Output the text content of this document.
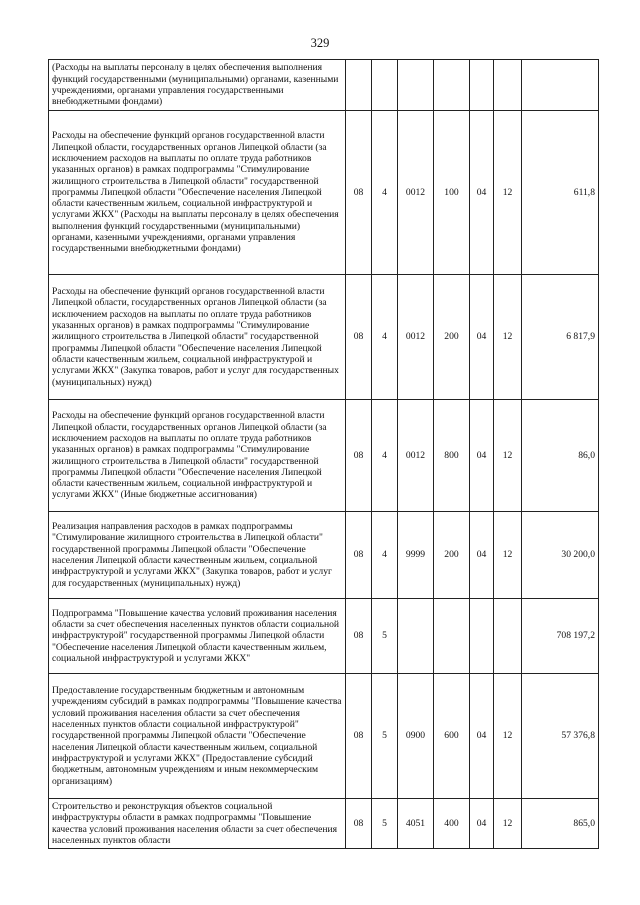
329
(Расходы на выплаты персоналу в целях обеспечения выполнения функций государственными (муниципальными) органами, казенными учреждениями, органами управления государственными внебюджетными фондами)							
Расходы на обеспечение функций органов государственной власти Липецкой области, государственных органов Липецкой области (за исключением расходов на выплаты по оплате труда работников указанных органов) в рамках подпрограммы "Стимулирование жилищного строительства в Липецкой области" государственной программы Липецкой области "Обеспечение населения Липецкой области качественным жильем, социальной инфраструктурой и услугами ЖКХ" (Расходы на выплаты персоналу в целях обеспечения выполнения функций государственными (муниципальными) органами, казенными учреждениями, органами управления государственными внебюджетными фондами)	08	4	0012	100	04	12	611,8
Расходы на обеспечение функций органов государственной власти Липецкой области, государственных органов Липецкой области (за исключением расходов на выплаты по оплате труда работников указанных органов) в рамках подпрограммы "Стимулирование жилищного строительства в Липецкой области" государственной программы Липецкой области "Обеспечение населения Липецкой области качественным жильем, социальной инфраструктурой и услугами ЖКХ" (Закупка товаров, работ и услуг для государственных (муниципальных) нужд)	08	4	0012	200	04	12	6 817,9
Расходы на обеспечение функций органов государственной власти Липецкой области, государственных органов Липецкой области (за исключением расходов на выплаты по оплате труда работников указанных органов) в рамках подпрограммы "Стимулирование жилищного строительства в Липецкой области" государственной программы Липецкой области "Обеспечение населения Липецкой области качественным жильем, социальной инфраструктурой и услугами ЖКХ" (Иные бюджетные ассигнования)	08	4	0012	800	04	12	86,0
Реализация направления расходов в рамках подпрограммы "Стимулирование жилищного строительства в Липецкой области" государственной программы Липецкой области "Обеспечение населения Липецкой области качественным жильем, социальной инфраструктурой и услугами ЖКХ" (Закупка товаров, работ и услуг для государственных (муниципальных) нужд)	08	4	9999	200	04	12	30 200,0
Подпрограмма "Повышение качества условий проживания населения области за счет обеспечения населенных пунктов области социальной инфраструктурой" государственной программы Липецкой области "Обеспечение населения Липецкой области качественным жильем, социальной инфраструктурой и услугами ЖКХ"	08	5					708 197,2
Предоставление государственным бюджетным и автономным учреждениям субсидий в рамках подпрограммы "Повышение качества условий проживания населения области за счет обеспечения населенных пунктов области социальной инфраструктурой" государственной программы Липецкой области "Обеспечение населения Липецкой области качественным жильем, социальной инфраструктурой и услугами ЖКХ" (Предоставление субсидий бюджетным, автономным учреждениям и иным некоммерческим организациям)	08	5	0900	600	04	12	57 376,8
Строительство и реконструкция объектов социальной инфраструктуры области в рамках подпрограммы "Повышение качества условий проживания населения области за счет обеспечения населенных пунктов области	08	5	4051	400	04	12	865,0
